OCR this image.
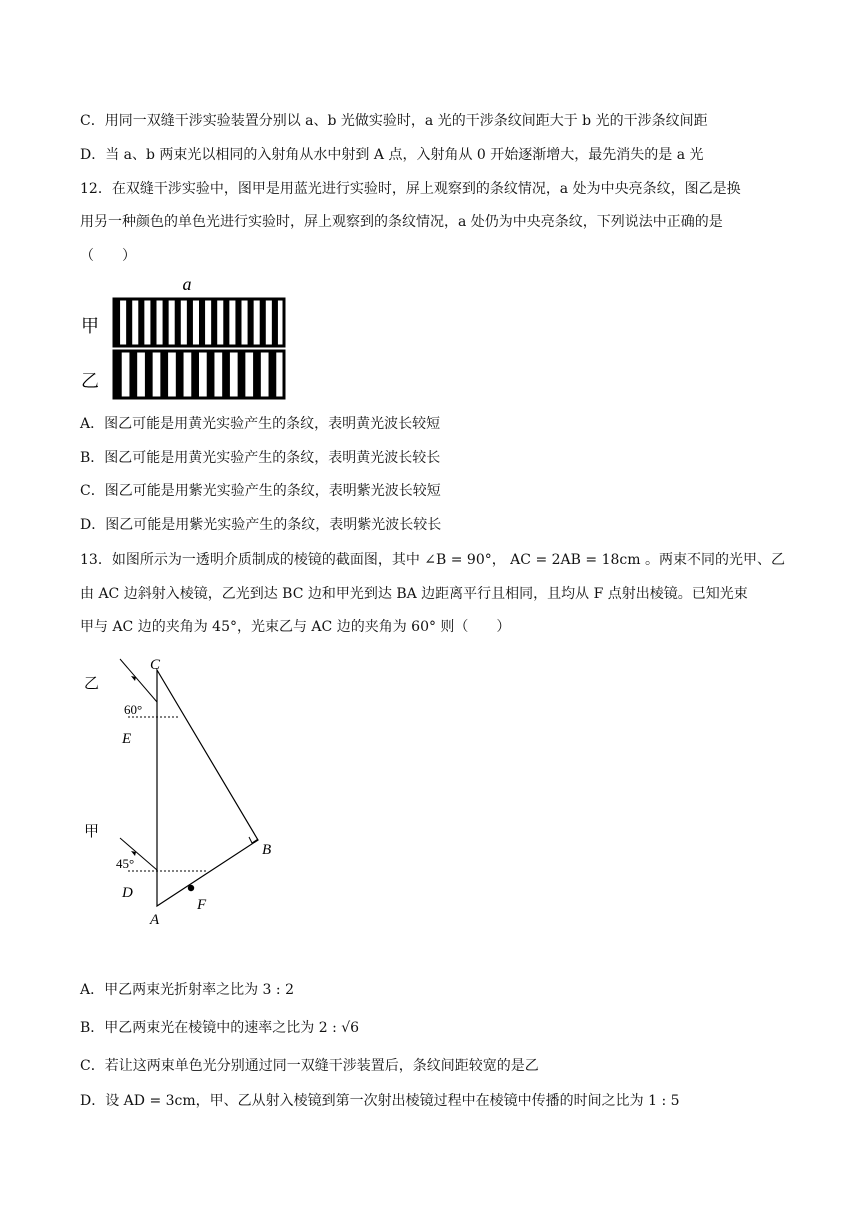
C．用同一双缝干涉实验装置分别以 a、b 光做实验时，a 光的干涉条纹间距大于 b 光的干涉条纹间距
D．当 a、b 两束光以相同的入射角从水中射到 A 点，入射角从 0 开始逐渐增大，最先消失的是 a 光
12．在双缝干涉实验中，图甲是用蓝光进行实验时，屏上观察到的条纹情况，a 处为中央亮条纹，图乙是换
用另一种颜色的单色光进行实验时，屏上观察到的条纹情况，a 处仍为中央亮条纹，下列说法中正确的是
（　　）
a
甲
乙
A．图乙可能是用黄光实验产生的条纹，表明黄光波长较短
B．图乙可能是用黄光实验产生的条纹，表明黄光波长较长
C．图乙可能是用紫光实验产生的条纹，表明紫光波长较短
D．图乙可能是用紫光实验产生的条纹，表明紫光波长较长
13．如图所示为一透明介质制成的棱镜的截面图，其中 ∠B = 90°， AC = 2AB = 18cm 。两束不同的光甲、乙
由 AC 边斜射入棱镜，乙光到达 BC 边和甲光到达 BA 边距离平行且相同，且均从 F 点射出棱镜。已知光束
甲与 AC 边的夹角为 45°，光束乙与 AC 边的夹角为 60° 则（　　）
乙
甲
C
B
A
E
D
F
60°
45°
A．甲乙两束光折射率之比为 3 : 2
B．甲乙两束光在棱镜中的速率之比为 2 : √6
C．若让这两束单色光分别通过同一双缝干涉装置后，条纹间距较宽的是乙
D．设 AD = 3cm，甲、乙从射入棱镜到第一次射出棱镜过程中在棱镜中传播的时间之比为 1 : 5
